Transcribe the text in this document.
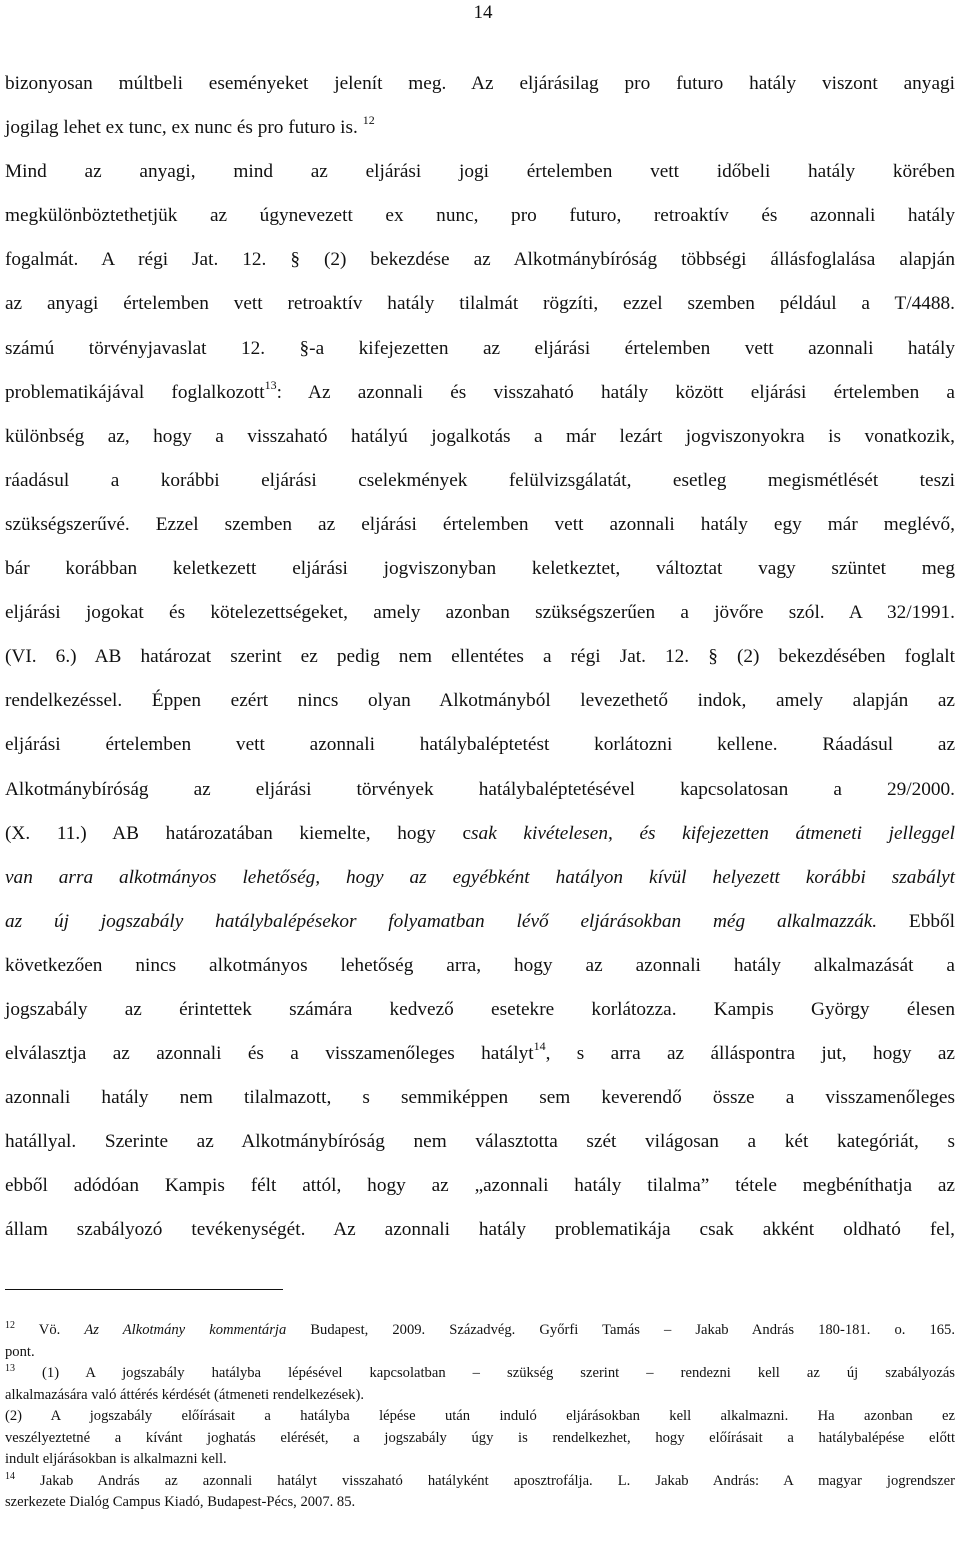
14
bizonyosan múltbeli eseményeket jelenít meg. Az eljárásilag pro futuro hatály viszont anyagi
jogilag lehet ex tunc, ex nunc és pro futuro is. $^{12}$
Mind az anyagi, mind az eljárási jogi értelemben vett időbeli hatály körében
megkülönböztethetjük az úgynevezett ex nunc, pro futuro, retroaktív és azonnali hatály
fogalmát. A régi Jat. 12. § (2) bekezdése az Alkotmánybíróság többségi állásfoglalása alapján
az anyagi értelemben vett retroaktív hatály tilalmát rögzíti, ezzel szemben például a T/4488.
számú törvényjavaslat 12. §-a kifejezetten az eljárási értelemben vett azonnali hatály
problematikájával foglalkozott$^{13}$: Az azonnali és visszaható hatály között eljárási értelemben a
különbség az, hogy a visszaható hatályú jogalkotás a már lezárt jogviszonyokra is vonatkozik,
ráadásul a korábbi eljárási cselekmények felülvizsgálatát, esetleg megismétlését teszi
szükségszerűvé. Ezzel szemben az eljárási értelemben vett azonnali hatály egy már meglévő,
bár korábban keletkezett eljárási jogviszonyban keletkeztet, változtat vagy szüntet meg
eljárási jogokat és kötelezettségeket, amely azonban szükségszerűen a jövőre szól. A 32/1991.
(VI. 6.) AB határozat szerint ez pedig nem ellentétes a régi Jat. 12. § (2) bekezdésében foglalt
rendelkezéssel. Éppen ezért nincs olyan Alkotmányból levezethető indok, amely alapján az
eljárási értelemben vett azonnali hatálybaléptetést korlátozni kellene. Ráadásul az
Alkotmánybíróság az eljárási törvények hatálybaléptetésével kapcsolatosan a 29/2000.
(X. 11.) AB határozatában kiemelte, hogy csak kivételesen, és kifejezetten átmeneti jelleggel
van arra alkotmányos lehetőség, hogy az egyébként hatályon kívül helyezett korábbi szabályt
az új jogszabály hatálybalépésekor folyamatban lévő eljárásokban még alkalmazzák. Ebből
következően nincs alkotmányos lehetőség arra, hogy az azonnali hatály alkalmazását a
jogszabály az érintettek számára kedvező esetekre korlátozza. Kampis György élesen
elválasztja az azonnali és a visszamenőleges hatályt$^{14}$, s arra az álláspontra jut, hogy az
azonnali hatály nem tilalmazott, s semmiképpen sem keverendő össze a visszamenőleges
hatállyal. Szerinte az Alkotmánybíróság nem választotta szét világosan a két kategóriát, s
ebből adódóan Kampis félt attól, hogy az „azonnali hatály tilalma” tétele megbéníthatja az
állam szabályozó tevékenységét. Az azonnali hatály problematikája csak akként oldható fel,
$^{12}$ Vö. Az Alkotmány kommentárja Budapest, 2009. Századvég. Győrfi Tamás – Jakab András 180-181. o. 165.
pont.
$^{13}$ (1) A jogszabály hatályba lépésével kapcsolatban – szükség szerint – rendezni kell az új szabályozás
alkalmazására való áttérés kérdését (átmeneti rendelkezések).
(2) A jogszabály előírásait a hatályba lépése után induló eljárásokban kell alkalmazni. Ha azonban ez
veszélyeztetné a kívánt joghatás elérését, a jogszabály úgy is rendelkezhet, hogy előírásait a hatálybalépése előtt
indult eljárásokban is alkalmazni kell.
$^{14}$ Jakab András az azonnali hatályt visszaható hatályként aposztrofálja. L. Jakab András: A magyar jogrendszer
szerkezete Dialóg Campus Kiadó, Budapest-Pécs, 2007. 85.
